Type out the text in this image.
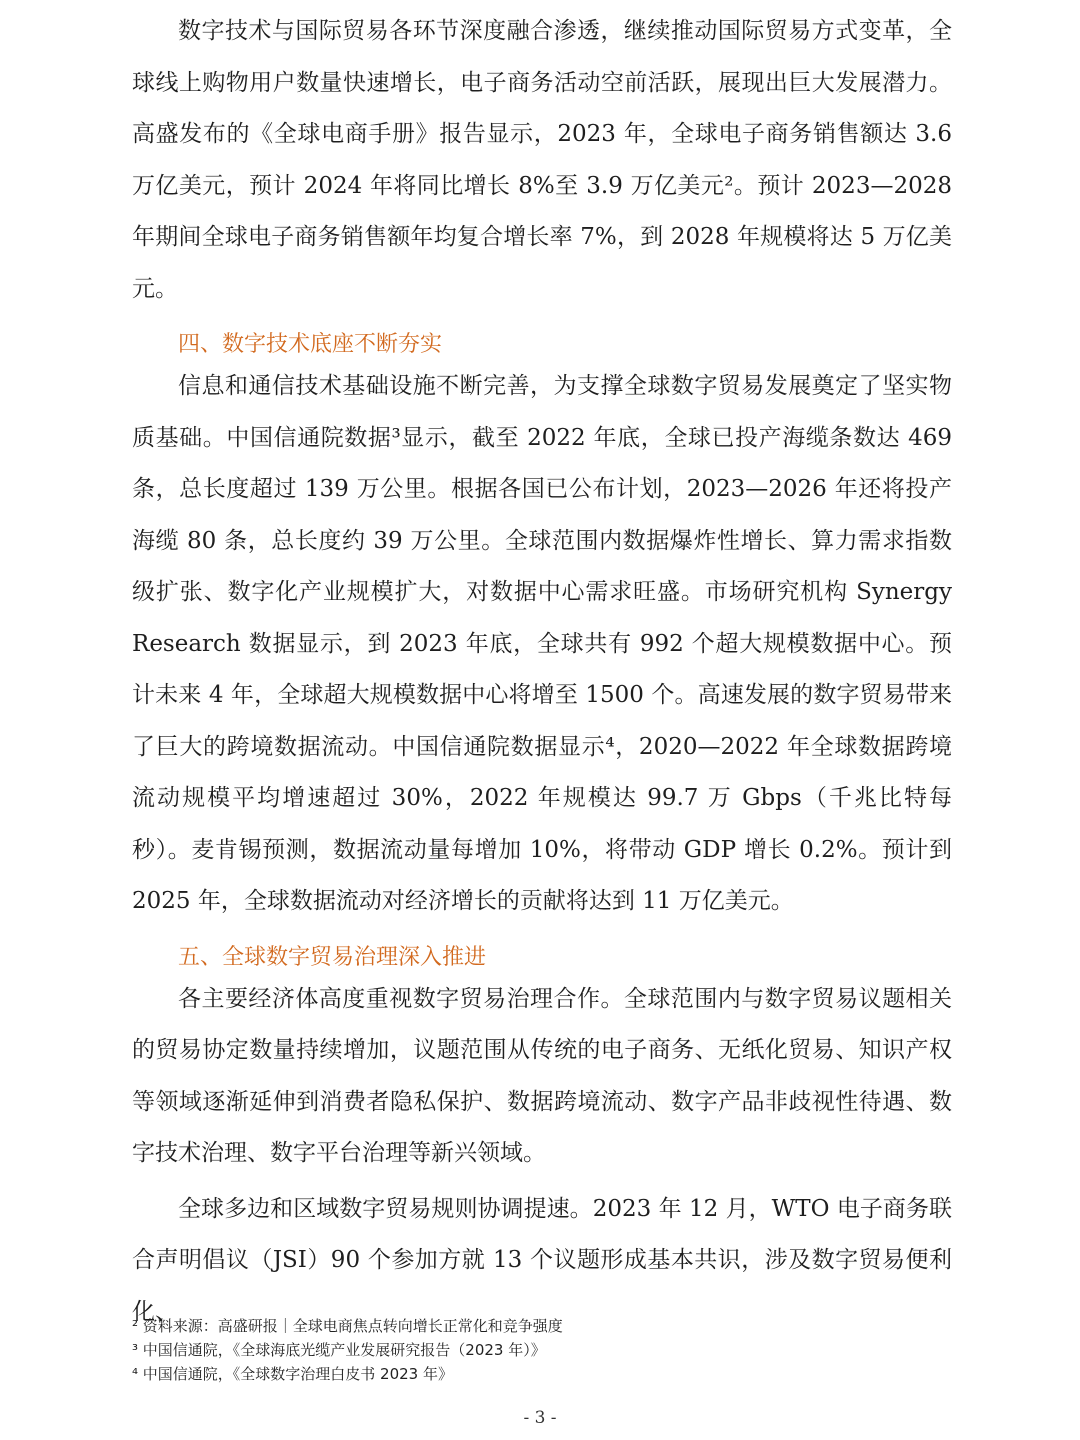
数字技术与国际贸易各环节深度融合渗透，继续推动国际贸易方式变革，全球线上购物用户数量快速增长，电子商务活动空前活跃，展现出巨大发展潜力。高盛发布的《全球电商手册》报告显示，2023 年，全球电子商务销售额达 3.6 万亿美元，预计 2024 年将同比增长 8%至 3.9 万亿美元²。预计 2023—2028 年期间全球电子商务销售额年均复合增长率 7%，到 2028 年规模将达 5 万亿美元。

四、数字技术底座不断夯实

信息和通信技术基础设施不断完善，为支撑全球数字贸易发展奠定了坚实物质基础。中国信通院数据³显示，截至 2022 年底，全球已投产海缆条数达 469 条，总长度超过 139 万公里。根据各国已公布计划，2023—2026 年还将投产海缆 80 条，总长度约 39 万公里。全球范围内数据爆炸性增长、算力需求指数级扩张、数字化产业规模扩大，对数据中心需求旺盛。市场研究机构 Synergy Research 数据显示，到 2023 年底，全球共有 992 个超大规模数据中心。预计未来 4 年，全球超大规模数据中心将增至 1500 个。高速发展的数字贸易带来了巨大的跨境数据流动。中国信通院数据显示⁴，2020—2022 年全球数据跨境流动规模平均增速超过 30%，2022 年规模达 99.7 万 Gbps（千兆比特每秒）。麦肯锡预测，数据流动量每增加 10%，将带动 GDP 增长 0.2%。预计到 2025 年，全球数据流动对经济增长的贡献将达到 11 万亿美元。

五、全球数字贸易治理深入推进

各主要经济体高度重视数字贸易治理合作。全球范围内与数字贸易议题相关的贸易协定数量持续增加，议题范围从传统的电子商务、无纸化贸易、知识产权等领域逐渐延伸到消费者隐私保护、数据跨境流动、数字产品非歧视性待遇、数字技术治理、数字平台治理等新兴领域。

全球多边和区域数字贸易规则协调提速。2023 年 12 月，WTO 电子商务联合声明倡议（JSI）90 个参加方就 13 个议题形成基本共识，涉及数字贸易便利化、

² 资料来源：高盛研报｜全球电商焦点转向增长正常化和竞争强度

³ 中国信通院，《全球海底光缆产业发展研究报告（2023 年）》

⁴ 中国信通院，《全球数字治理白皮书 2023 年》

- 3 -
